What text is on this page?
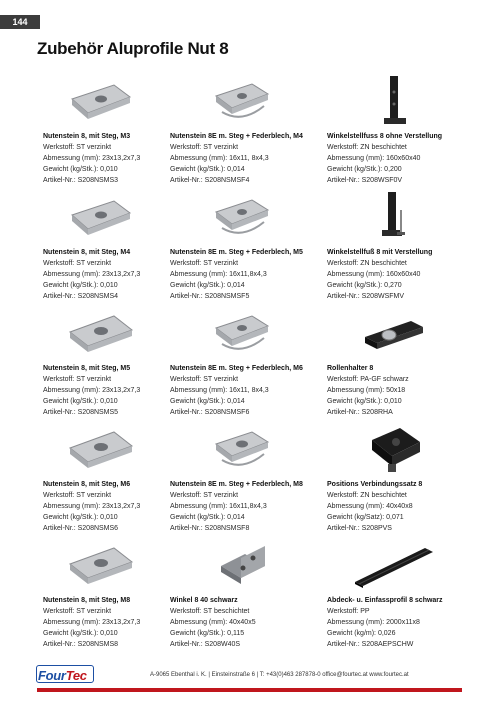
144
Zubehör Aluprofile Nut 8
Nutenstein 8, mit Steg, M3
Werkstoff: ST verzinkt
Abmessung (mm): 23x13,2x7,3
Gewicht (kg/Stk.): 0,010
Artikel-Nr.: S208NSMS3
Nutenstein 8E m. Steg + Federblech, M4
Werkstoff: ST verzinkt
Abmessung (mm): 16x11, 8x4,3
Gewicht (kg/Stk.): 0,014
Artikel-Nr.: S208NSMSF4
Winkelstellfuss 8 ohne Verstellung
Werkstoff: ZN beschichtet
Abmessung (mm): 160x60x40
Gewicht (kg/Stk.): 0,200
Artikel-Nr.: S208WSF0V
Nutenstein 8, mit Steg, M4
Werkstoff: ST verzinkt
Abmessung (mm): 23x13,2x7,3
Gewicht (kg/Stk.): 0,010
Artikel-Nr.: S208NSMS4
Nutenstein 8E m. Steg + Federblech, M5
Werkstoff: ST verzinkt
Abmessung (mm): 16x11,8x4,3
Gewicht (kg/Stk.): 0,014
Artikel-Nr.: S208NSMSF5
Winkelstellfuß 8 mit Verstellung
Werkstoff: ZN beschichtet
Abmessung (mm): 160x60x40
Gewicht (kg/Stk.): 0,270
Artikel-Nr.: S208WSFMV
Nutenstein 8, mit Steg, M5
Werkstoff: ST verzinkt
Abmessung (mm): 23x13,2x7,3
Gewicht (kg/Stk.): 0,010
Artikel-Nr.: S208NSMS5
Nutenstein 8E m. Steg + Federblech, M6
Werkstoff: ST verzinkt
Abmessung (mm): 16x11, 8x4,3
Gewicht (kg/Stk.): 0,014
Artikel-Nr.: S208NSMSF6
Rollenhalter 8
Werkstoff: PA-GF schwarz
Abmessung (mm): 50x18
Gewicht (kg/Stk.): 0,010
Artikel-Nr.: S208RHA
Nutenstein 8, mit Steg, M6
Werkstoff: ST verzinkt
Abmessung (mm): 23x13,2x7,3
Gewicht (kg/Stk.): 0,010
Artikel-Nr.: S208NSMS6
Nutenstein 8E m. Steg + Federblech, M8
Werkstoff: ST verzinkt
Abmessung (mm): 16x11,8x4,3
Gewicht (kg/Stk.): 0,014
Artikel-Nr.: S208NSMSF8
Positions Verbindungssatz 8
Werkstoff: ZN beschichtet
Abmessung (mm): 40x40x8
Gewicht (kg/Satz): 0,071
Artikel-Nr.: S208PVS
Nutenstein 8, mit Steg, M8
Werkstoff: ST verzinkt
Abmessung (mm): 23x13,2x7,3
Gewicht (kg/Stk.): 0,010
Artikel-Nr.: S208NSMS8
Winkel 8 40 schwarz
Werkstoff: ST beschichtet
Abmessung (mm): 40x40x5
Gewicht (kg/Stk.): 0,115
Artikel-Nr.: S208W40S
Abdeck- u. Einfassprofil 8 schwarz
Werkstoff: PP
Abmessung (mm): 2000x11x8
Gewicht (kg/m): 0,026
Artikel-Nr.: S208AEPSCHW
FourTec	A-9065 Ebenthal i. K. | Einsteinstraße 6 | T: +43(0)463 287878-0 office@fourtec.at www.fourtec.at
